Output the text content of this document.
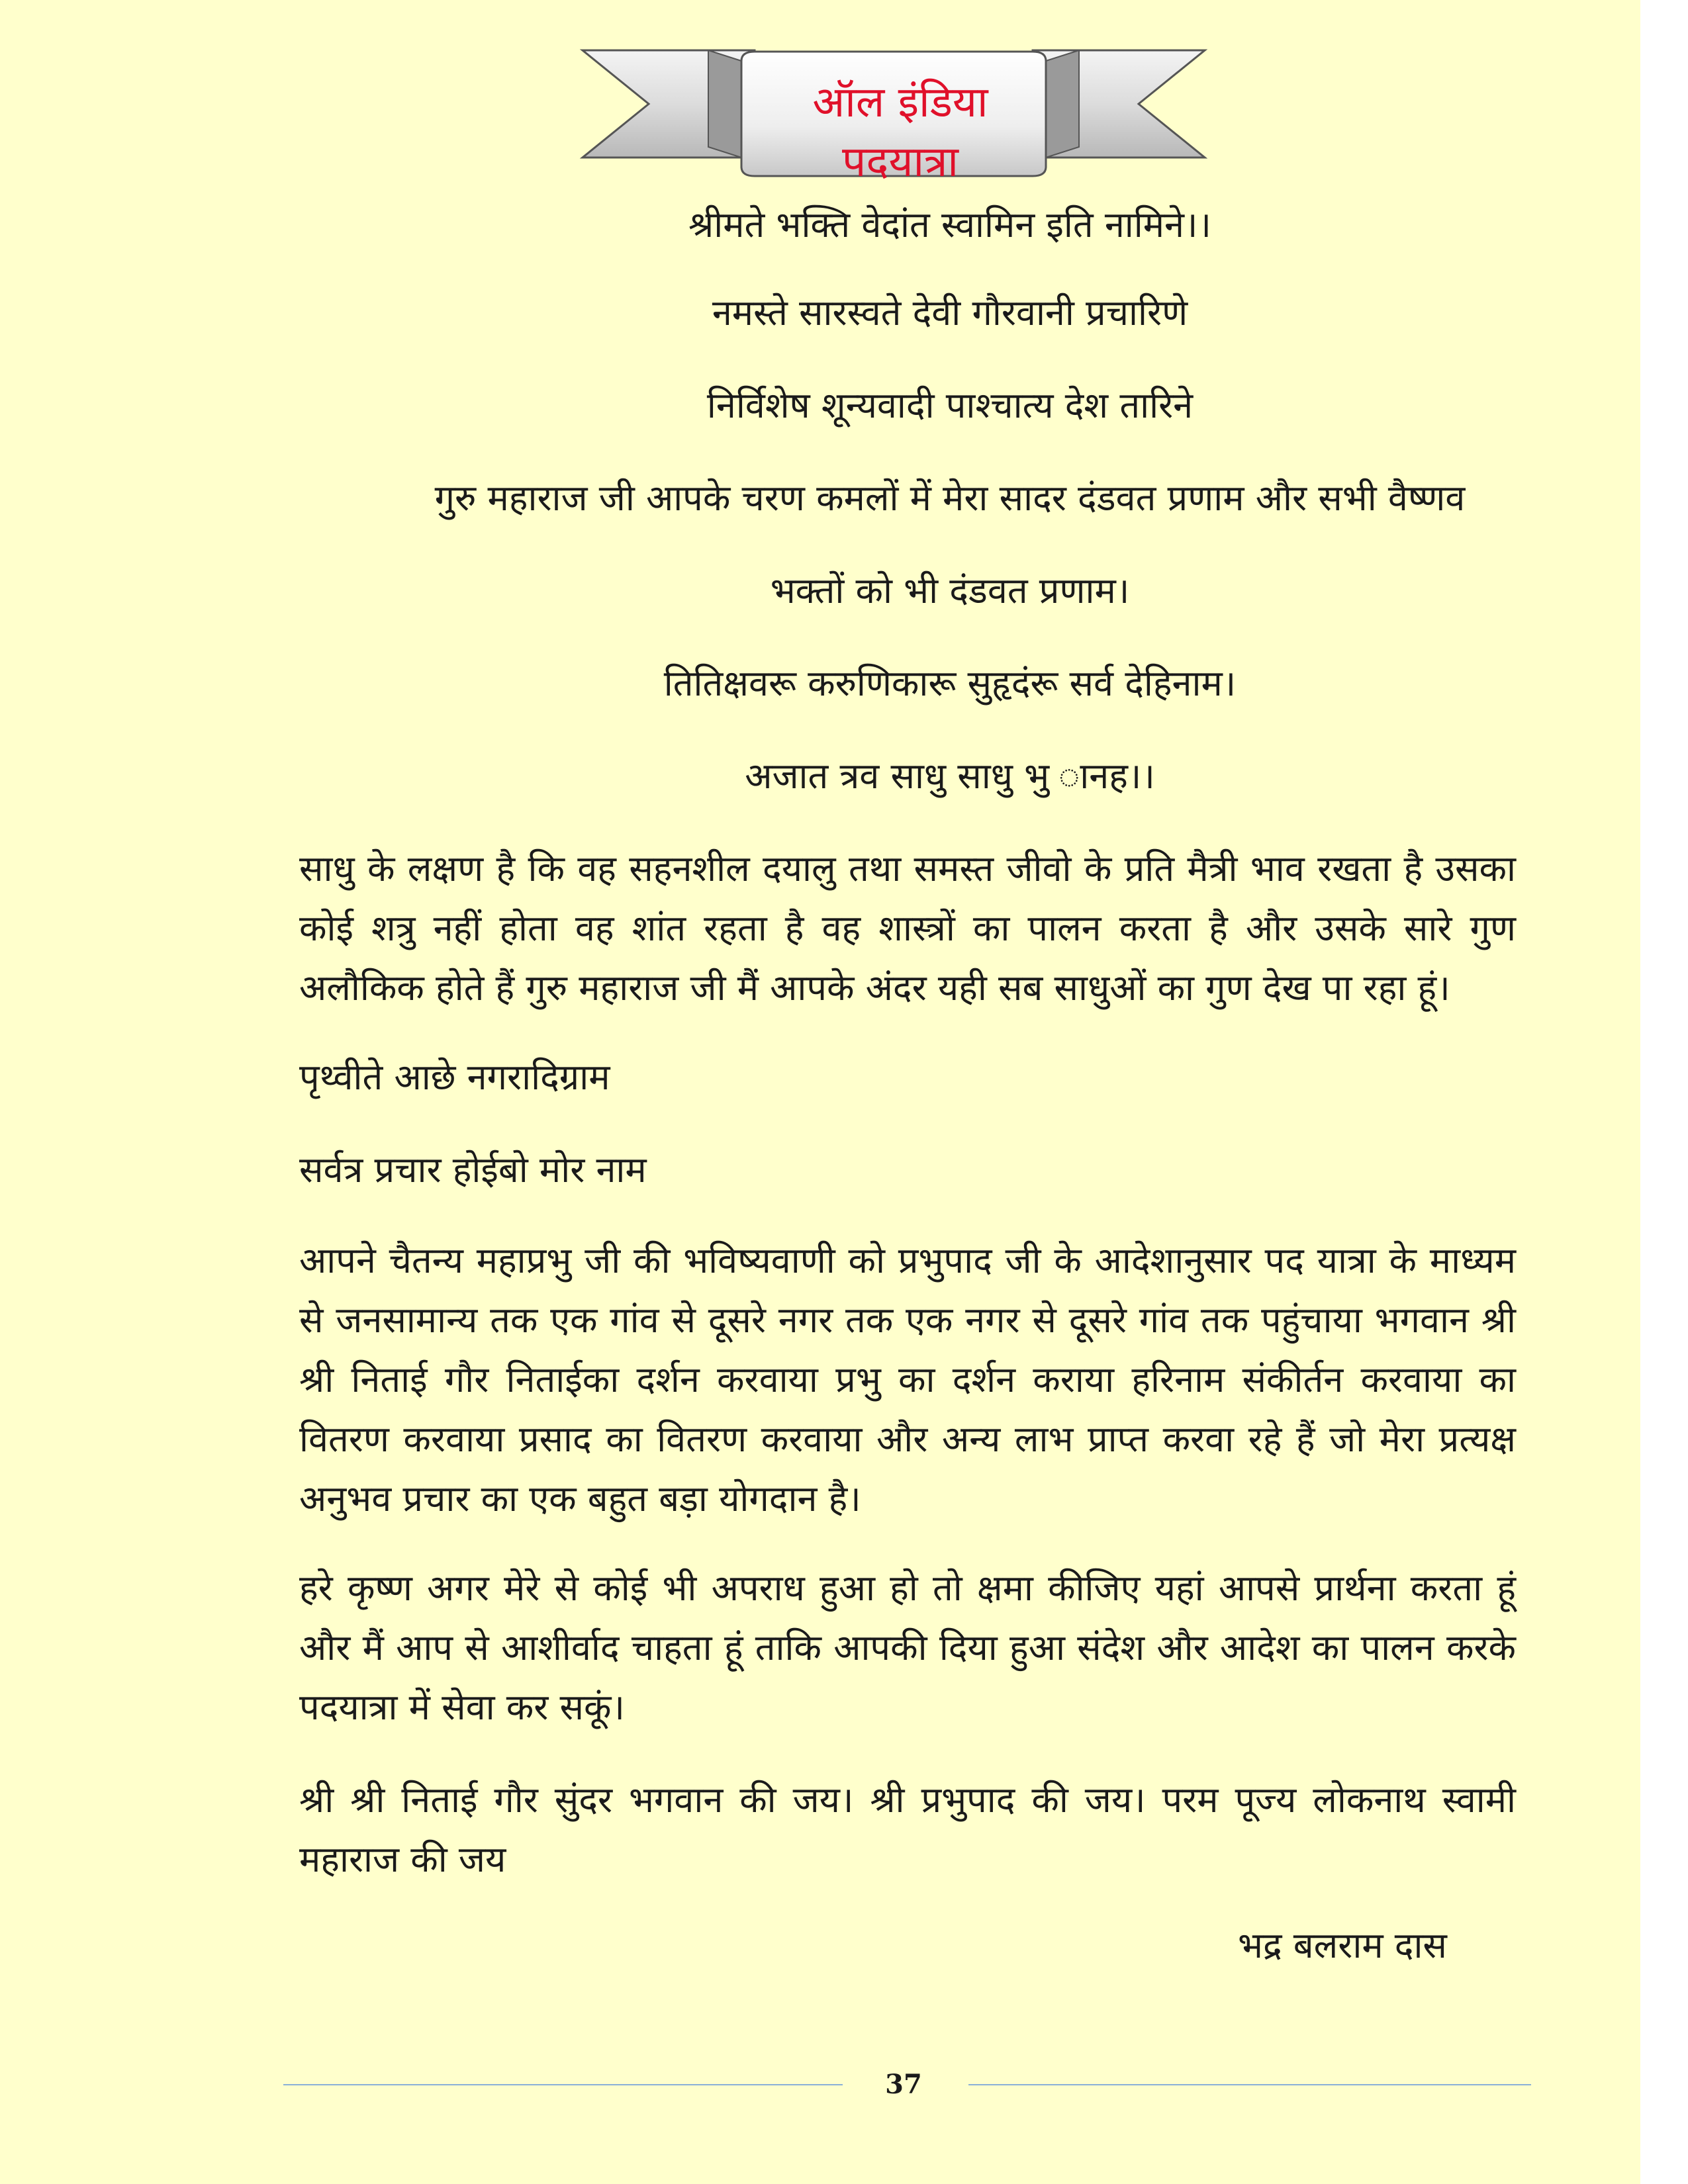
ऑल इंडिया पदयात्रा
श्रीमते भक्ति वेदांत स्वामिन इति नामिने।।
नमस्ते सारस्वते देवी गौरवानी प्रचारिणे
निर्विशेष शून्यवादी पाश्चात्य देश तारिने
गुरु महाराज जी आपके चरण कमलों में मेरा सादर दंडवत प्रणाम और सभी वैष्णव
भक्तों को भी दंडवत प्रणाम।
तितिक्षवरू करुणिकारू सुहृदंरू सर्व देहिनाम।
अजात त्रव साधु साधु भु ानह।।
साधु के लक्षण है कि वह सहनशील दयालु तथा समस्त जीवो के प्रति मैत्री भाव रखता है उसका कोई शत्रु नहीं होता वह शांत रहता है वह शास्त्रों का पालन करता है और उसके सारे गुण अलौकिक होते हैं गुरु महाराज जी मैं आपके अंदर यही सब साधुओं का गुण देख पा रहा हूं।
पृथ्वीते आछे नगरादिग्राम
सर्वत्र प्रचार होईबो मोर नाम
आपने चैतन्य महाप्रभु जी की भविष्यवाणी को प्रभुपाद जी के आदेशानुसार पद यात्रा के माध्यम से जनसामान्य तक एक गांव से दूसरे नगर तक एक नगर से दूसरे गांव तक पहुंचाया भगवान श्री श्री निताई गौर निताईका दर्शन करवाया प्रभु का दर्शन कराया हरिनाम संकीर्तन करवाया का वितरण करवाया प्रसाद का वितरण करवाया और अन्य लाभ प्राप्त करवा रहे हैं जो मेरा प्रत्यक्ष अनुभव प्रचार का एक बहुत बड़ा योगदान है।
हरे कृष्ण अगर मेरे से कोई भी अपराध हुआ हो तो क्षमा कीजिए यहां आपसे प्रार्थना करता हूं और मैं आप से आशीर्वाद चाहता हूं ताकि आपकी दिया हुआ संदेश और आदेश का पालन करके पदयात्रा में सेवा कर सकूं।
श्री श्री निताई गौर सुंदर भगवान की जय। श्री प्रभुपाद की जय। परम पूज्य लोकनाथ स्वामी महाराज की जय
भद्र बलराम दास
37
